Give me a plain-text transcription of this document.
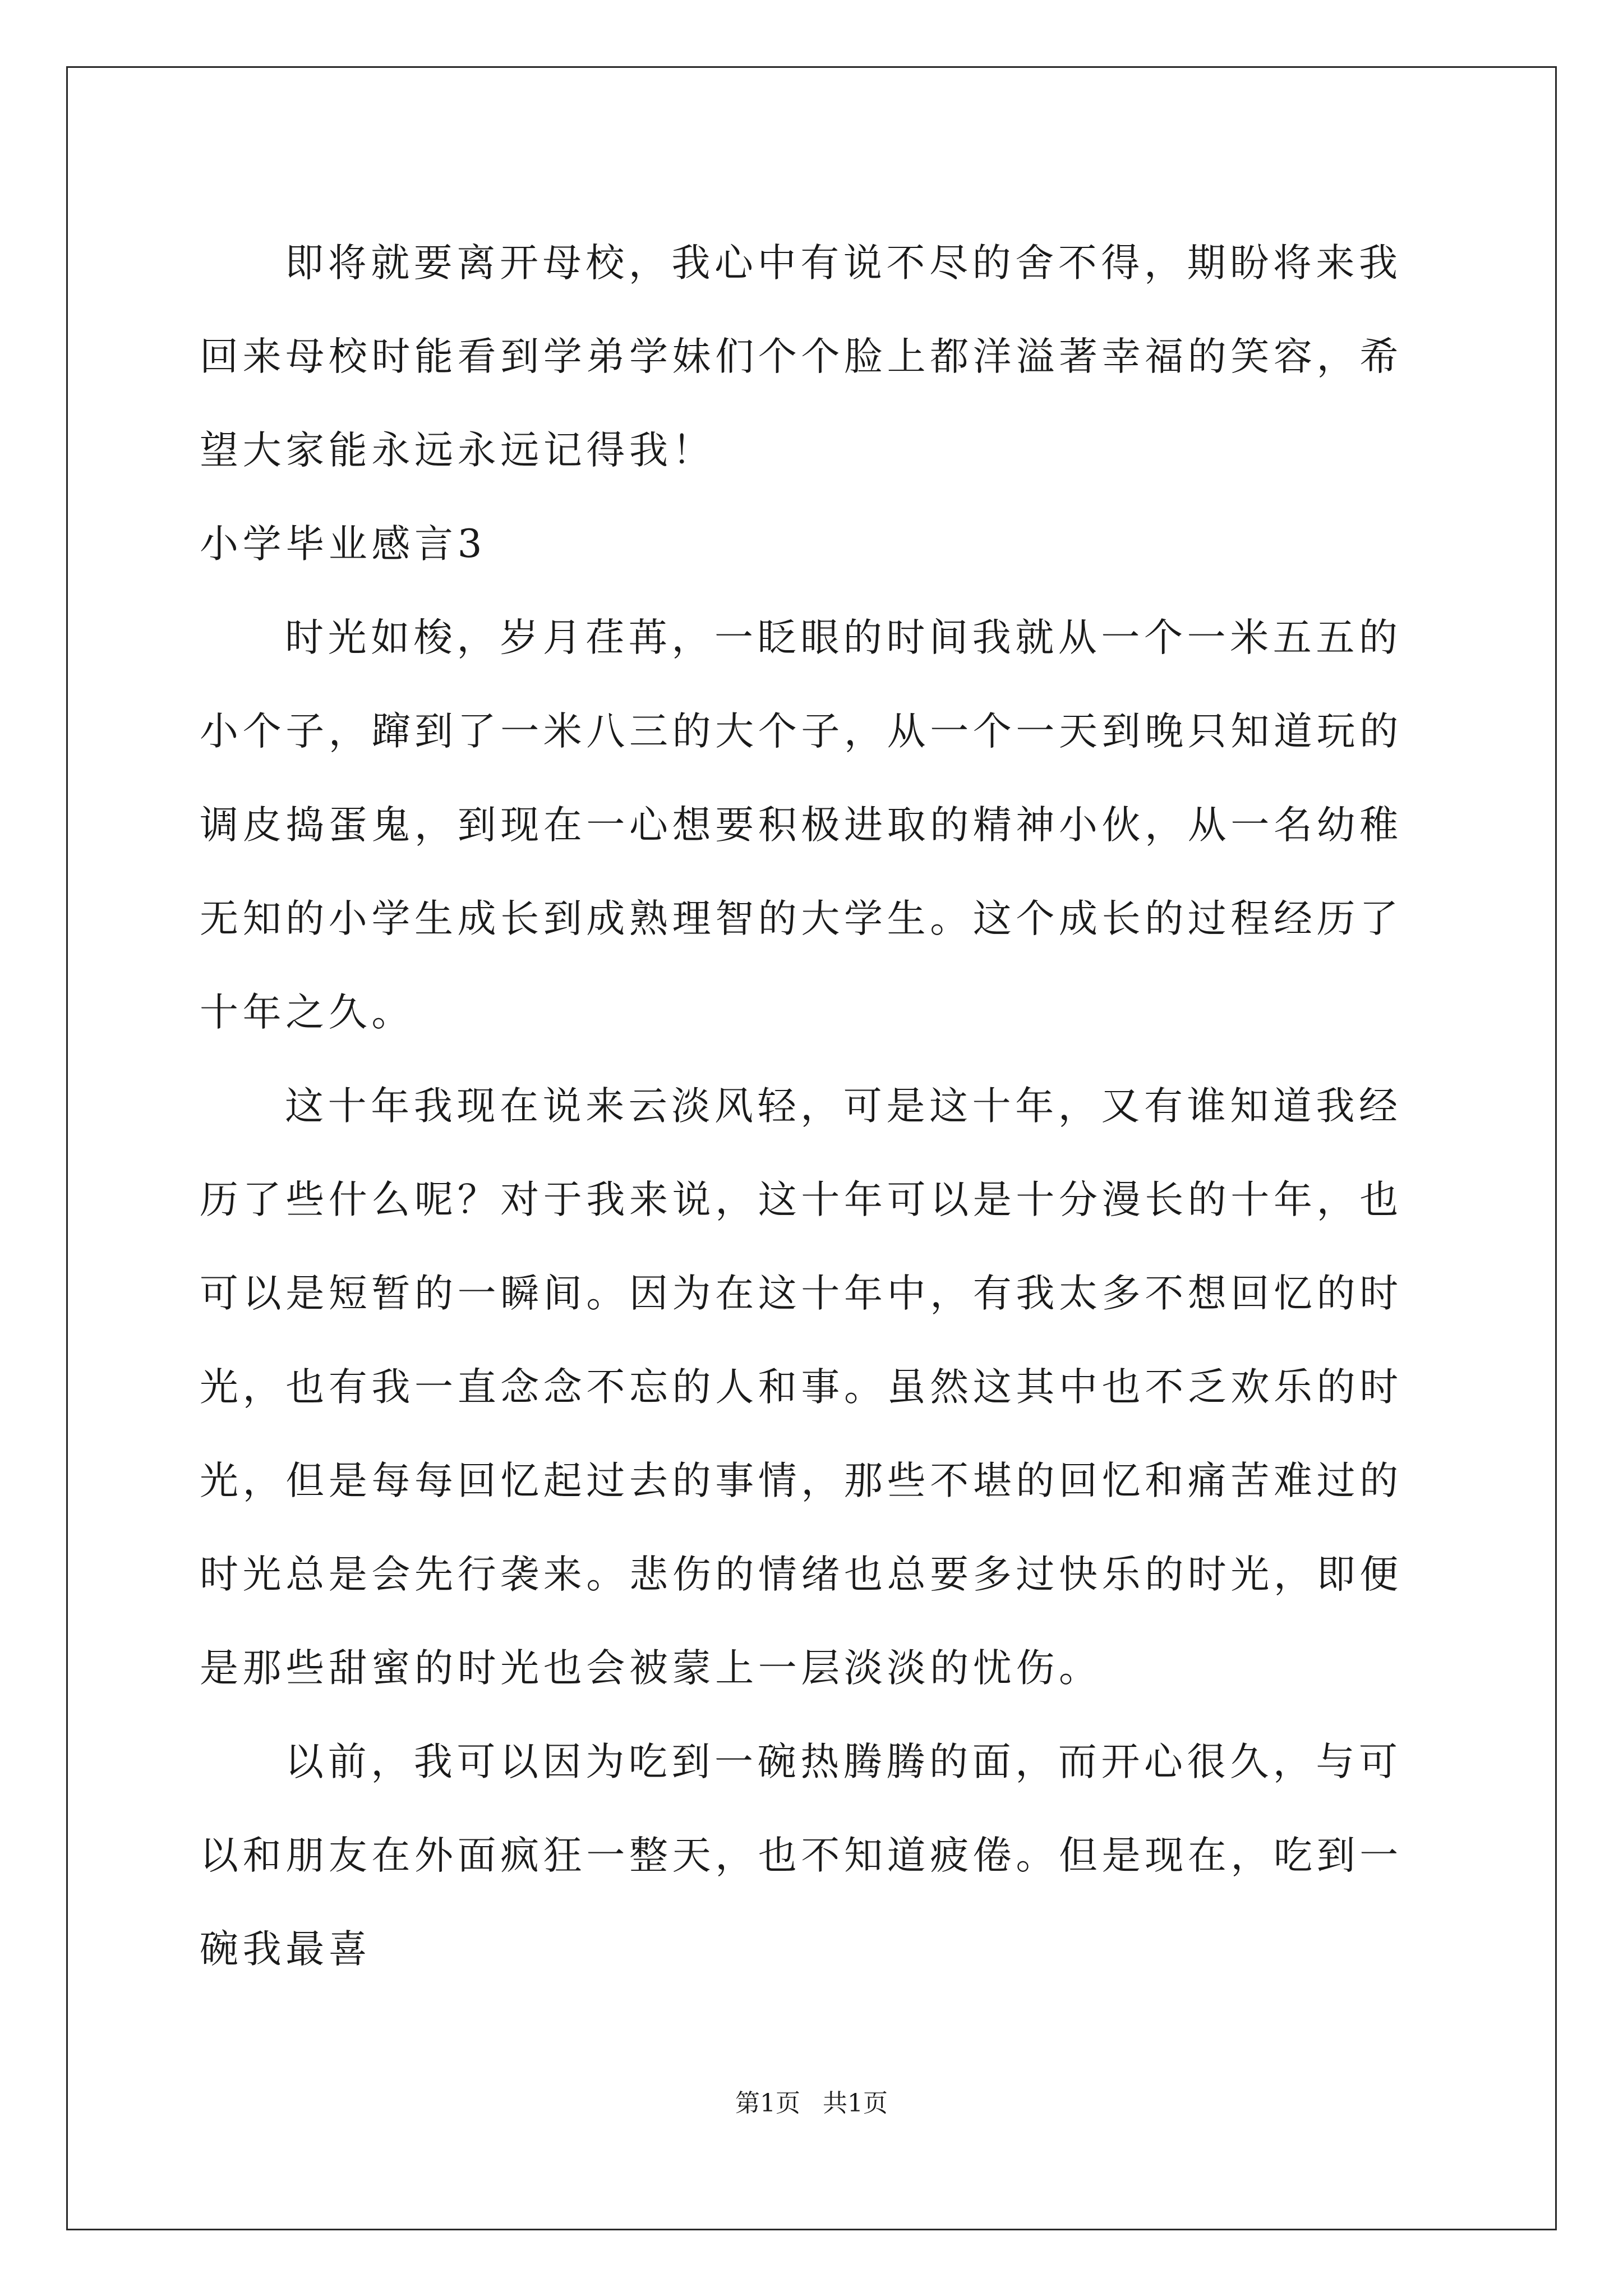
即将就要离开母校，我心中有说不尽的舍不得，期盼将来我回来母校时能看到学弟学妹们个个脸上都洋溢著幸福的笑容，希望大家能永远永远记得我！

小学毕业感言3

时光如梭，岁月荏苒，一眨眼的时间我就从一个一米五五的小个子，蹿到了一米八三的大个子，从一个一天到晚只知道玩的调皮捣蛋鬼，到现在一心想要积极进取的精神小伙，从一名幼稚无知的小学生成长到成熟理智的大学生。这个成长的过程经历了十年之久。

这十年我现在说来云淡风轻，可是这十年，又有谁知道我经历了些什么呢？对于我来说，这十年可以是十分漫长的十年，也可以是短暂的一瞬间。因为在这十年中，有我太多不想回忆的时光，也有我一直念念不忘的人和事。虽然这其中也不乏欢乐的时光，但是每每回忆起过去的事情，那些不堪的回忆和痛苦难过的时光总是会先行袭来。悲伤的情绪也总要多过快乐的时光，即便是那些甜蜜的时光也会被蒙上一层淡淡的忧伤。

以前，我可以因为吃到一碗热腾腾的面，而开心很久，与可以和朋友在外面疯狂一整天，也不知道疲倦。但是现在，吃到一碗我最喜

第1页 共1页
